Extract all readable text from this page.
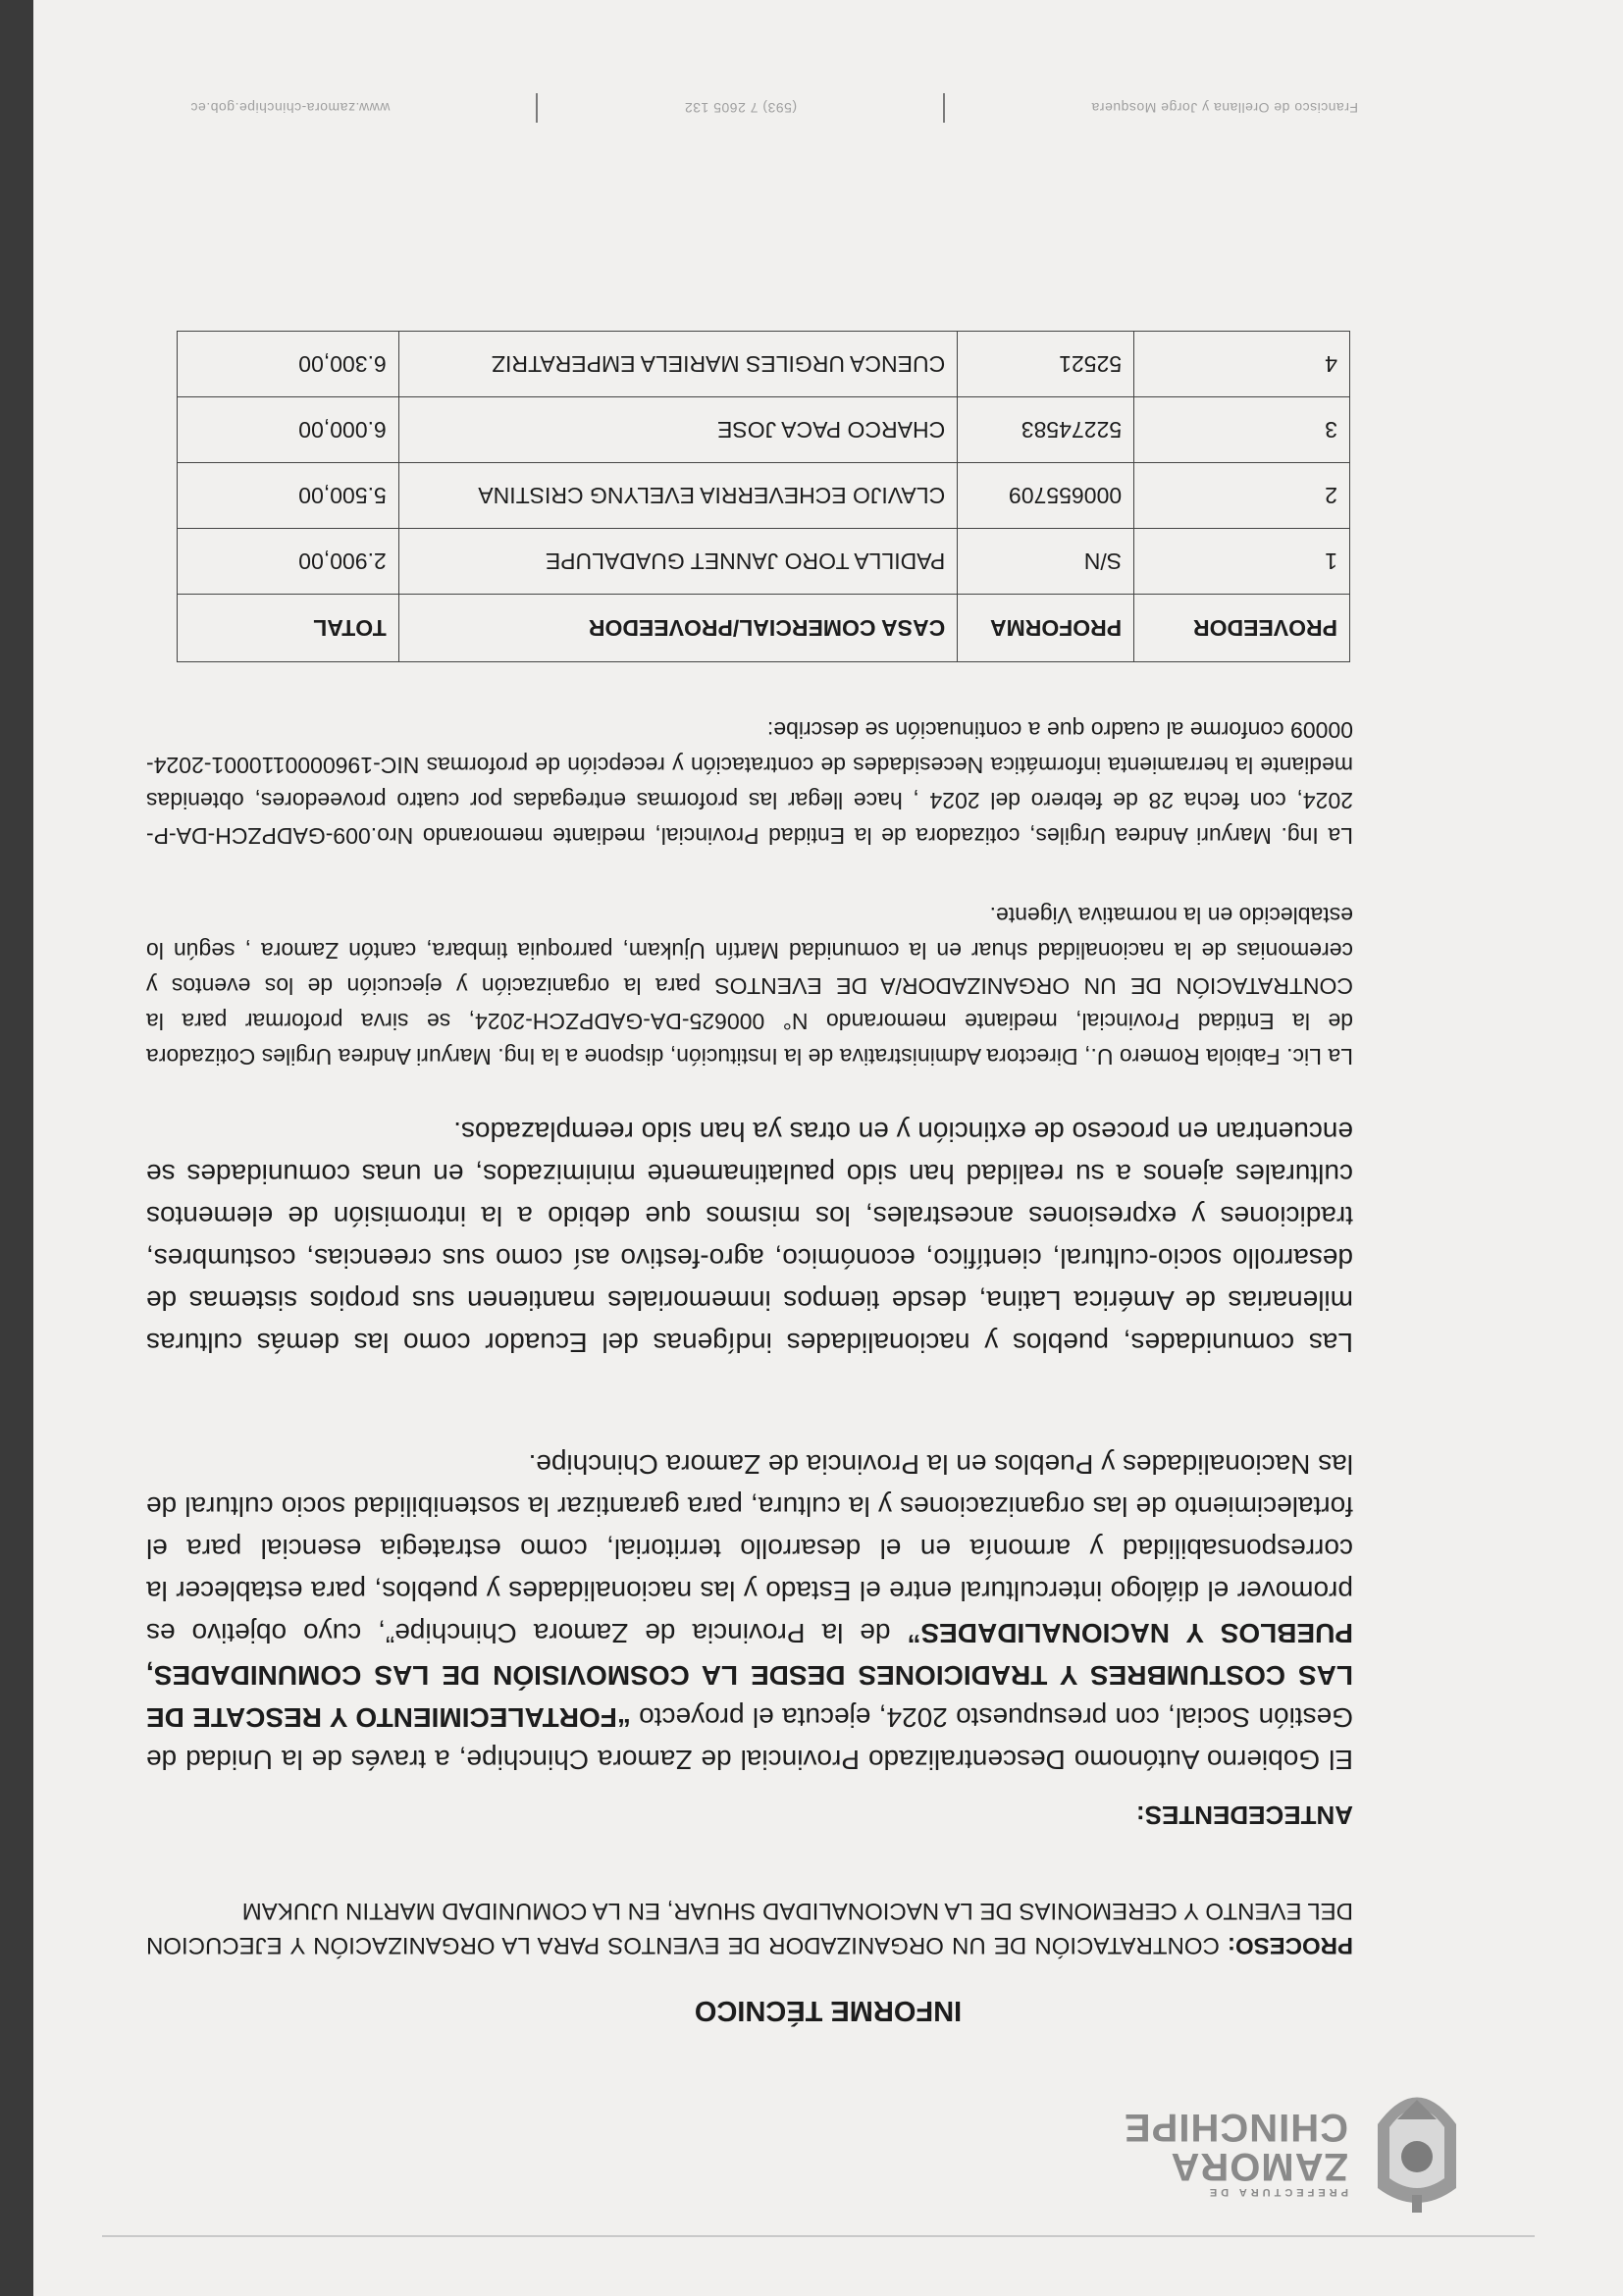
PREFECTURA DE
ZAMORA
CHINCHIPE
INFORME TÉCNICO
PROCESO: CONTRATACIÓN DE UN ORGANIZADOR DE EVENTOS PARA LA ORGANIZACIÓN Y EJECUCION DEL EVENTO Y CEREMONIAS DE LA NACIONALIDAD SHUAR, EN LA COMUNIDAD MARTIN UJUKAM
ANTECEDENTES:
El Gobierno Autónomo Descentralizado Provincial de Zamora Chinchipe, a través de la Unidad de Gestión Social, con presupuesto 2024, ejecuta el proyecto “FORTALECIMIENTO Y RESCATE DE LAS COSTUMBRES Y TRADICIONES DESDE LA COSMOVISIÓN DE LAS COMUNIDADES, PUEBLOS Y NACIONALIDADES” de la Provincia de Zamora Chinchipe”, cuyo objetivo es promover el diálogo intercultural entre el Estado y las nacionalidades y pueblos, para establecer la corresponsabilidad y armonía en el desarrollo territorial, como estrategia esencial para el fortalecimiento de las organizaciones y la cultura, para garantizar la sostenibilidad socio cultural de las Nacionalidades y Pueblos en la Provincia de Zamora Chinchipe.
Las comunidades, pueblos y nacionalidades indígenas del Ecuador como las demás culturas milenarias de América Latina, desde tiempos inmemoriales mantienen sus propios sistemas de desarrollo socio-cultural, científico, económico, agro-festivo así como sus creencias, costumbres, tradiciones y expresiones ancestrales, los mismos que debido a la intromisión de elementos culturales ajenos a su realidad han sido paulatinamente minimizados, en unas comunidades se encuentran en proceso de extinción y en otras ya han sido reemplazados.
La Lic. Fabiola Romero U., Directora Administrativa de la Institución, dispone a la Ing. Maryuri Andrea Urgiles Cotizadora de la Entidad Provincial, mediante memorando N° 000625-DA-GADPZCH-2024, se sirva proformar para la CONTRATACIÓN DE UN ORGANIZADOR/A DE EVENTOS para la organización y ejecución de los eventos y ceremonias de la nacionalidad shuar en la comunidad Martín Ujukam, parroquia timbara, cantón Zamora , según lo establecido en la normativa Vigente.
La Ing. Maryuri Andrea Urgiles, cotizadora de la Entidad Provincial, mediante memorando Nro.009-GADPZCH-DA-P-2024, con fecha 28 de febrero del 2024 , hace llegar las proformas entregadas por cuatro proveedores, obtenidas mediante la herramienta informática Necesidades de contratación y recepción de proformas NIC-1960000110001-2024-00009 conforme al cuadro que a continuación se describe:
PROVEEDOR	PROFORMA	CASA COMERCIAL/PROVEEDOR	TOTAL
1	S/N	PADILLA TORO JANNET GUADALUPE	2.900,00
2	000655709	CLAVIJO ECHEVERRIA EVELYNG CRISTINA	5.500,00
3	52274583	CHARCO PACA JOSE	6.000,00
4	52521	CUENCA URGILES MARIELA EMPERATRIZ	6.300,00
Francisco de Orellana y Jorge Mosquera
(593) 7 2605 132
www.zamora-chinchipe.gob.ec
